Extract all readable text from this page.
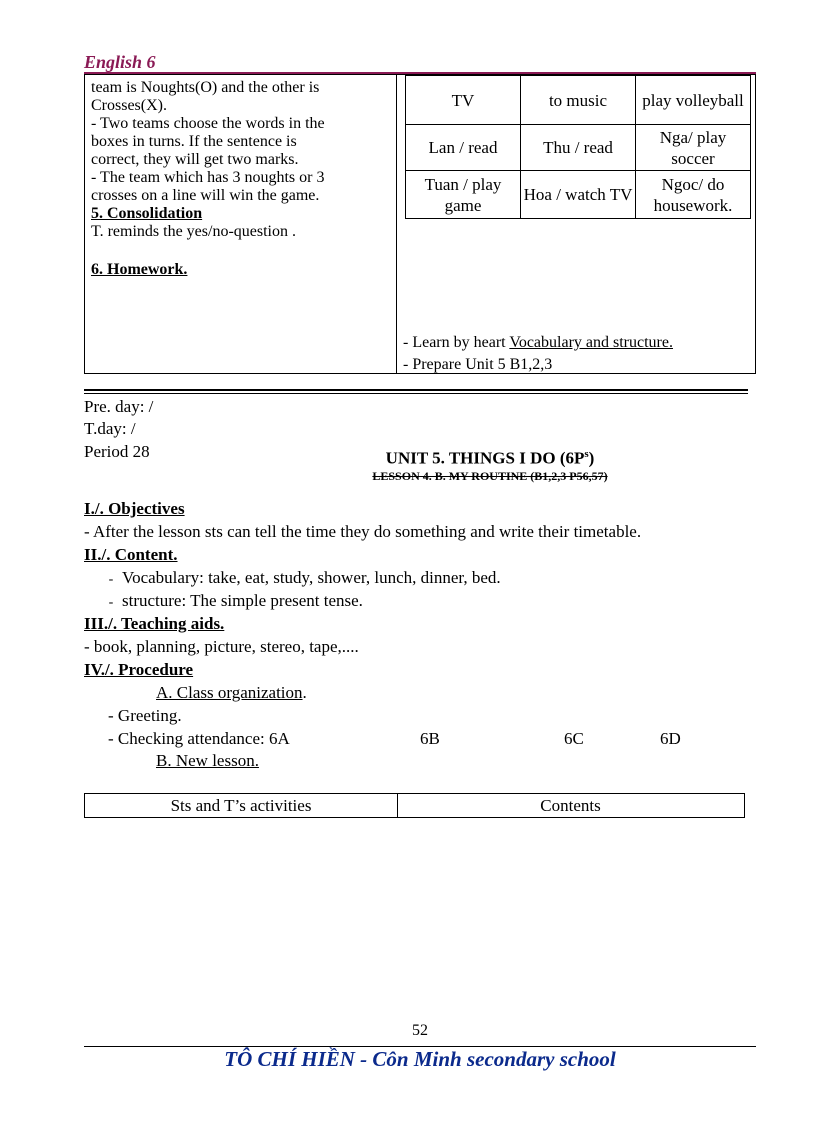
English 6

team is Noughts(O) and the other is

Crosses(X).

- Two teams choose the words in the

boxes in turns. If the sentence is

correct, they will get two marks.

- The team which has 3 noughts or 3

crosses on a line will win the game.

5. Consolidation

T. reminds the yes/no-question .

6. Homework.

TV	to music	play volleyball
Lan / read	Thu / read	Nga/ play soccer
Tuan / play game	Hoa / watch TV	Ngoc/ do housework.
- Learn by heart Vocabulary and structure.
- Prepare Unit 5 B1,2,3
Pre. day: /
T.day: /
Period 28	UNIT 5. THINGS I DO $(6P^s)$
LESSON 4. B. MY ROUTINE (B1,2,3 P56,57)
I./. Objectives
- After the lesson sts can tell the time they do something and write their timetable.
II./. Content.
- Vocabulary: take, eat, study, shower, lunch, dinner, bed.
- structure: The simple present tense.
III./. Teaching aids.
- book, planning, picture, stereo, tape,....
IV./. Procedure
A. Class organization.
- Greeting.
- Checking attendance: 6A	6B	6C	6D
B. New lesson.
Sts and T’s activities	Contents
52
TÔ CHÍ HIỀN - Côn Minh secondary school
